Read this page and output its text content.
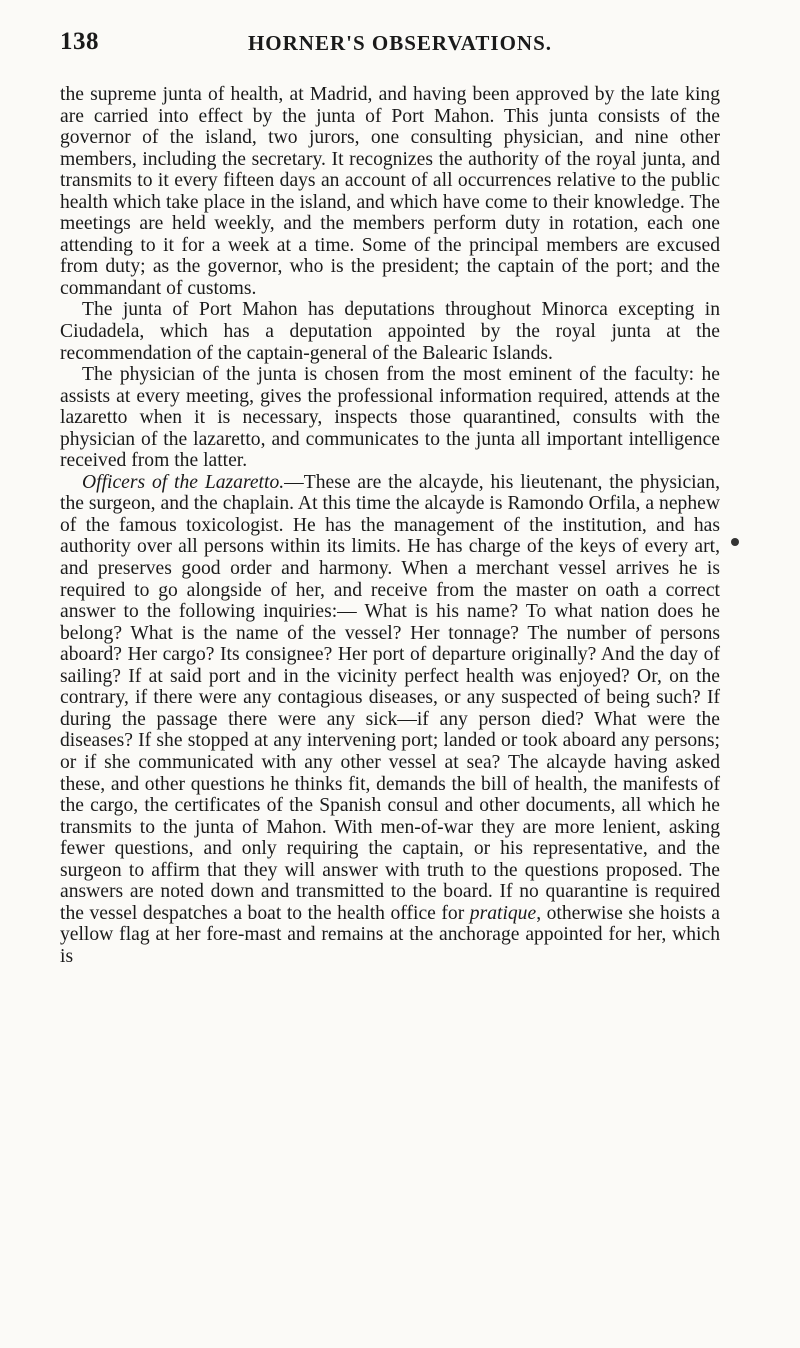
138	HORNER'S OBSERVATIONS.

the supreme junta of health, at Madrid, and having been approved by the late king are carried into effect by the junta of Port Mahon. This junta consists of the governor of the island, two jurors, one consulting physician, and nine other members, including the secretary. It recognizes the authority of the royal junta, and transmits to it every fifteen days an account of all occurrences relative to the public health which take place in the island, and which have come to their knowledge. The meetings are held weekly, and the members perform duty in rotation, each one attending to it for a week at a time. Some of the principal members are excused from duty; as the governor, who is the president; the captain of the port; and the commandant of customs.

The junta of Port Mahon has deputations throughout Minorca excepting in Ciudadela, which has a deputation appointed by the royal junta at the recommendation of the captain-general of the Balearic Islands.

The physician of the junta is chosen from the most eminent of the faculty: he assists at every meeting, gives the professional information required, attends at the lazaretto when it is necessary, inspects those quarantined, consults with the physician of the lazaretto, and communicates to the junta all important intelligence received from the latter.

Officers of the Lazaretto.—These are the alcayde, his lieutenant, the physician, the surgeon, and the chaplain. At this time the alcayde is Ramondo Orfila, a nephew of the famous toxicologist. He has the management of the institution, and has authority over all persons within its limits. He has charge of the keys of every art, and preserves good order and harmony. When a merchant vessel arrives he is required to go alongside of her, and receive from the master on oath a correct answer to the following inquiries:— What is his name? To what nation does he belong? What is the name of the vessel? Her tonnage? The number of persons aboard? Her cargo? Its consignee? Her port of departure originally? And the day of sailing? If at said port and in the vicinity perfect health was enjoyed? Or, on the contrary, if there were any contagious diseases, or any suspected of being such? If during the passage there were any sick—if any person died? What were the diseases? If she stopped at any intervening port; landed or took aboard any persons; or if she communicated with any other vessel at sea? The alcayde having asked these, and other questions he thinks fit, demands the bill of health, the manifests of the cargo, the certificates of the Spanish consul and other documents, all which he transmits to the junta of Mahon. With men-of-war they are more lenient, asking fewer questions, and only requiring the captain, or his representative, and the surgeon to affirm that they will answer with truth to the questions proposed. The answers are noted down and transmitted to the board. If no quarantine is required the vessel despatches a boat to the health office for pratique, otherwise she hoists a yellow flag at her fore-mast and remains at the anchorage appointed for her, which is
